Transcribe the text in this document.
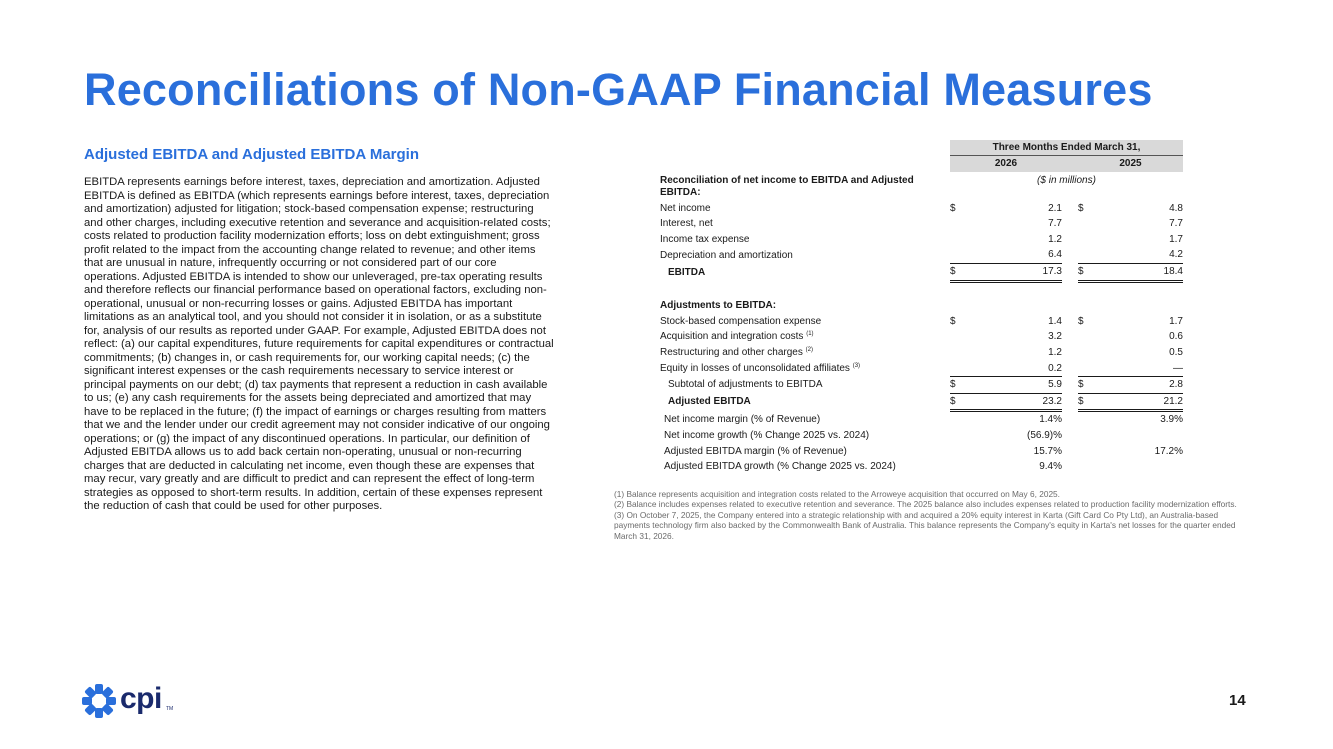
Reconciliations of Non-GAAP Financial Measures
Adjusted EBITDA and Adjusted EBITDA Margin

EBITDA represents earnings before interest, taxes, depreciation and amortization. Adjusted EBITDA is defined as EBITDA (which represents earnings before interest, taxes, depreciation and amortization) adjusted for litigation; stock-based compensation expense; restructuring and other charges, including executive retention and severance and acquisition-related costs; costs related to production facility modernization efforts; loss on debt extinguishment; gross profit related to the impact from the accounting change related to revenue; and other items that are unusual in nature, infrequently occurring or not considered part of our core operations. Adjusted EBITDA is intended to show our unleveraged, pre-tax operating results and therefore reflects our financial performance based on operational factors, excluding non-operational, unusual or non-recurring losses or gains. Adjusted EBITDA has important limitations as an analytical tool, and you should not consider it in isolation, or as a substitute for, analysis of our results as reported under GAAP. For example, Adjusted EBITDA does not reflect: (a) our capital expenditures, future requirements for capital expenditures or contractual commitments; (b) changes in, or cash requirements for, our working capital needs; (c) the significant interest expenses or the cash requirements necessary to service interest or principal payments on our debt; (d) tax payments that represent a reduction in cash available to us; (e) any cash requirements for the assets being depreciated and amortized that may have to be replaced in the future; (f) the impact of earnings or charges resulting from matters that we and the lender under our credit agreement may not consider indicative of our ongoing operations; or (g) the impact of any discontinued operations. In particular, our definition of Adjusted EBITDA allows us to add back certain non-operating, unusual or non-recurring charges that are deducted in calculating net income, even though these are expenses that may recur, vary greatly and are difficult to predict and can represent the effect of long-term strategies as opposed to short-term results. In addition, certain of these expenses represent the reduction of cash that could be used for other purposes.

	Three Months Ended March 31,				
	2026			2025	
Reconciliation of net income to EBITDA and Adjusted EBITDA:	($ in millions)				
Net income	$	2.1		$	4.8
Interest, net		7.7			7.7
Income tax expense		1.2			1.7
Depreciation and amortization		6.4			4.2
EBITDA	$	17.3		$	18.4

Adjustments to EBITDA:					
Stock-based compensation expense	$	1.4		$	1.7
Acquisition and integration costs $^{(1)}$		3.2			0.6
Restructuring and other charges $^{(2)}$		1.2			0.5
Equity in losses of unconsolidated affiliates $^{(3)}$		0.2			—
Subtotal of adjustments to EBITDA	$	5.9		$	2.8
Adjusted EBITDA	$	23.2		$	21.2
Net income margin (% of Revenue)		1.4%			3.9%
Net income growth (% Change 2025 vs. 2024)		(56.9)%			
Adjusted EBITDA margin (% of Revenue)		15.7%			17.2%
Adjusted EBITDA growth (% Change 2025 vs. 2024)		9.4%			
(1) Balance represents acquisition and integration costs related to the Arroweye acquisition that occurred on May 6, 2025.
(2) Balance includes expenses related to executive retention and severance. The 2025 balance also includes expenses related to production facility modernization efforts.
(3) On October 7, 2025, the Company entered into a strategic relationship with and acquired a 20% equity interest in Karta (Gift Card Co Pty Ltd), an Australia-based payments technology firm also backed by the Commonwealth Bank of Australia. This balance represents the Company's equity in Karta's net losses for the quarter ended March 31, 2026.
cpi TM	14
